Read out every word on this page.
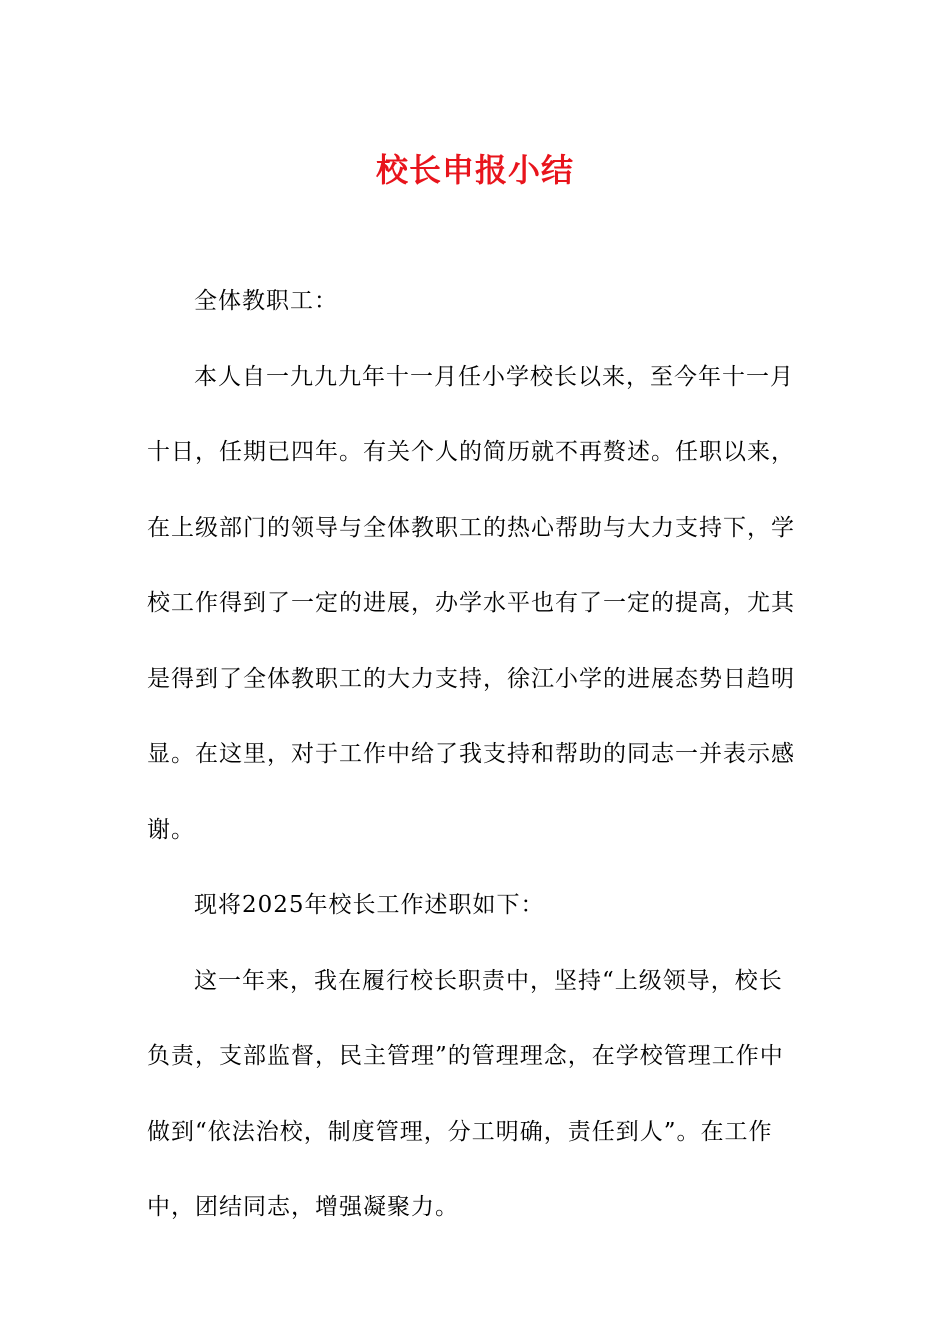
校长申报小结
全体教职工：
本人自一九九九年十一月任小学校长以来，至今年十一月
十日，任期已四年。有关个人的简历就不再赘述。任职以来，
在上级部门的领导与全体教职工的热心帮助与大力支持下，学
校工作得到了一定的进展，办学水平也有了一定的提高，尤其
是得到了全体教职工的大力支持，徐江小学的进展态势日趋明
显。在这里，对于工作中给了我支持和帮助的同志一并表示感
谢。
现将2025年校长工作述职如下：
这一年来，我在履行校长职责中，坚持“上级领导，校长
负责，支部监督，民主管理”的管理理念，在学校管理工作中
做到“依法治校，制度管理，分工明确，责任到人”。在工作
中，团结同志，增强凝聚力。
